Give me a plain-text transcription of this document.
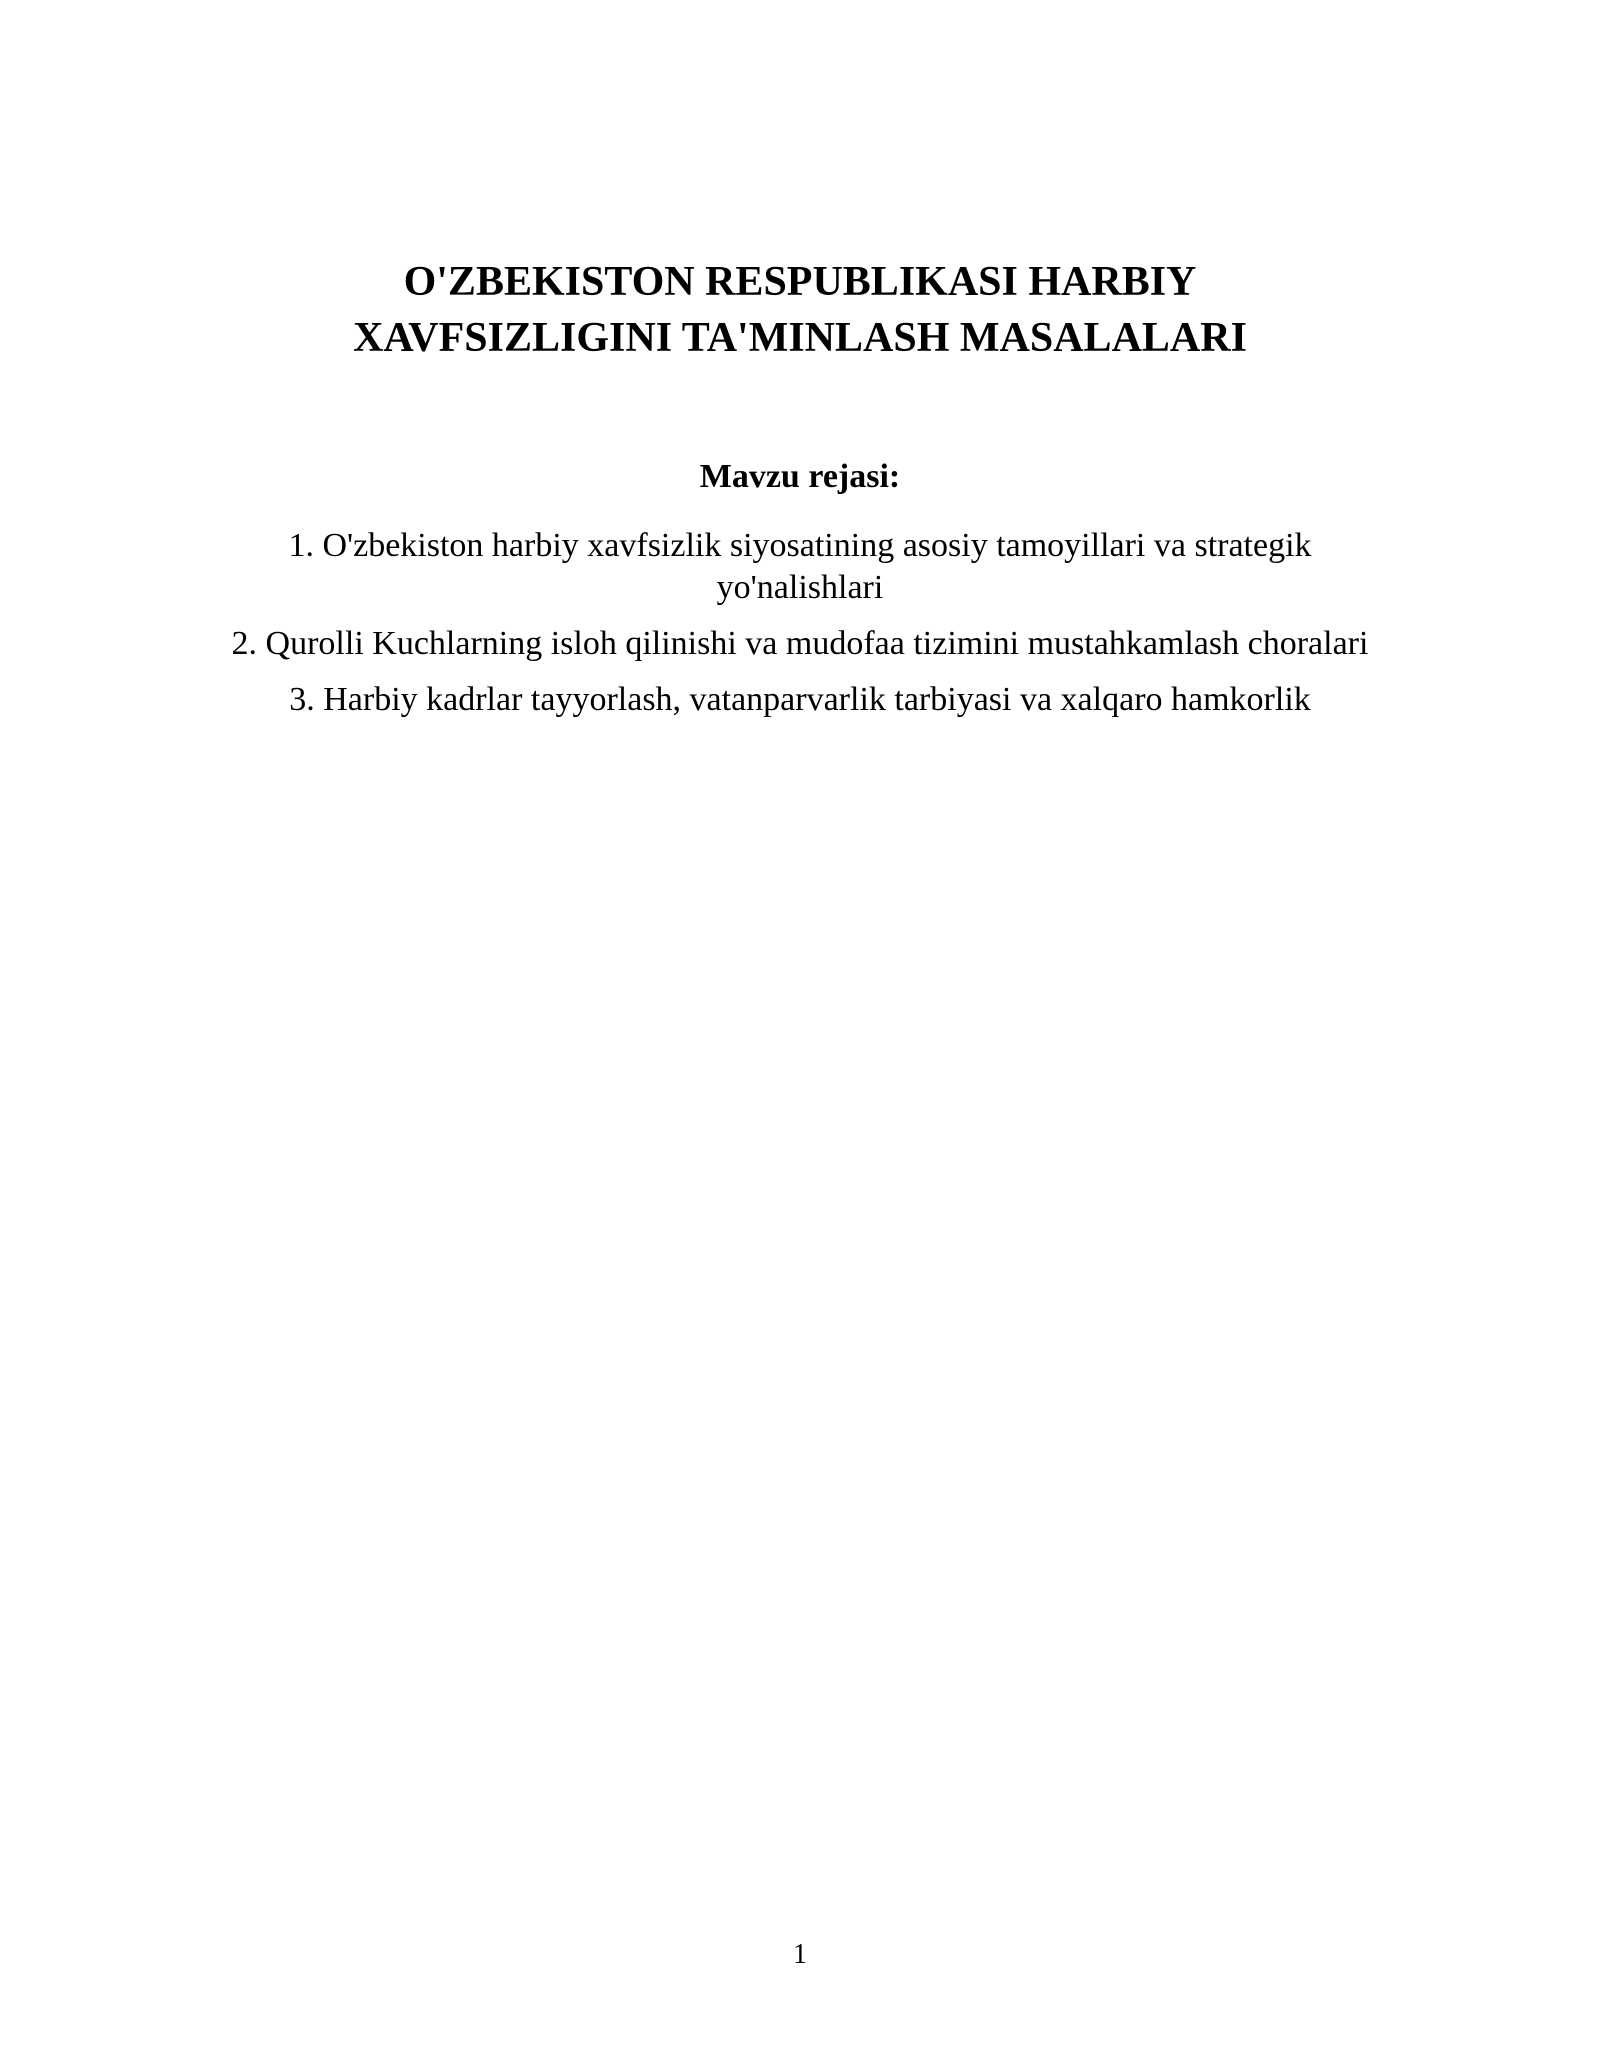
O'ZBEKISTON RESPUBLIKASI HARBIY
XAVFSIZLIGINI TA'MINLASH MASALALARI
Mavzu rejasi:
1. O'zbekiston harbiy xavfsizlik siyosatining asosiy tamoyillari va strategik yo'nalishlari
2. Qurolli Kuchlarning isloh qilinishi va mudofaa tizimini mustahkamlash choralari
3. Harbiy kadrlar tayyorlash, vatanparvarlik tarbiyasi va xalqaro hamkorlik
1
